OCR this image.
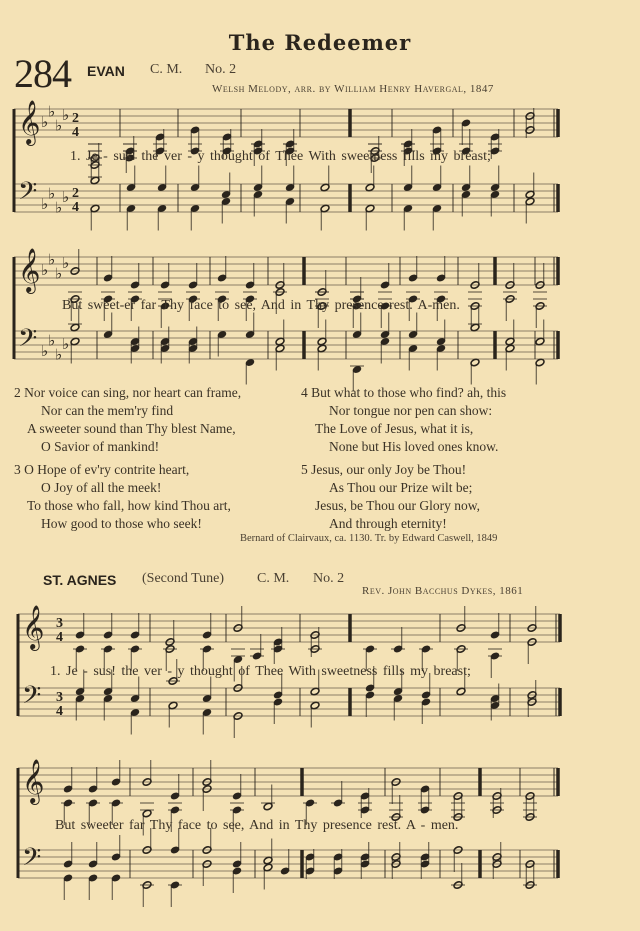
The Redeemer
284 EVAN C. M. No. 2
Welsh Melody, arr. by William Henry Havergal, 1847
𝄞
𝄢
♭
♭
♭
♭
♭
♭
♭
♭
2
4
2
4
𝄞
𝄢
♭
♭
♭
♭
♭
♭
♭
♭
𝄞
𝄢
3
4
3
4
𝄞
𝄢
1. Je - sus! the ver - y thought of Thee With sweetness fills my breast;
But sweet-er far Thy face to see, And in Thy presence rest. A-men.
2 Nor voice can sing, nor heart can frame,
Nor can the mem'ry find
A sweeter sound than Thy blest Name,
O Savior of mankind!
3 O Hope of ev'ry contrite heart,
O Joy of all the meek!
To those who fall, how kind Thou art,
How good to those who seek!
4 But what to those who find? ah, this
Nor tongue nor pen can show:
The Love of Jesus, what it is,
None but His loved ones know.
5 Jesus, our only Joy be Thou!
As Thou our Prize wilt be;
Jesus, be Thou our Glory now,
And through eternity!
Bernard of Clairvaux, ca. 1130. Tr. by Edward Caswell, 1849
ST. AGNES (Second Tune) C. M. No. 2
Rev. John Bacchus Dykes, 1861
1. Je - sus! the ver - y thought of Thee With sweetness fills my breast;
But sweeter far Thy face to see, And in Thy presence rest. A - men.
